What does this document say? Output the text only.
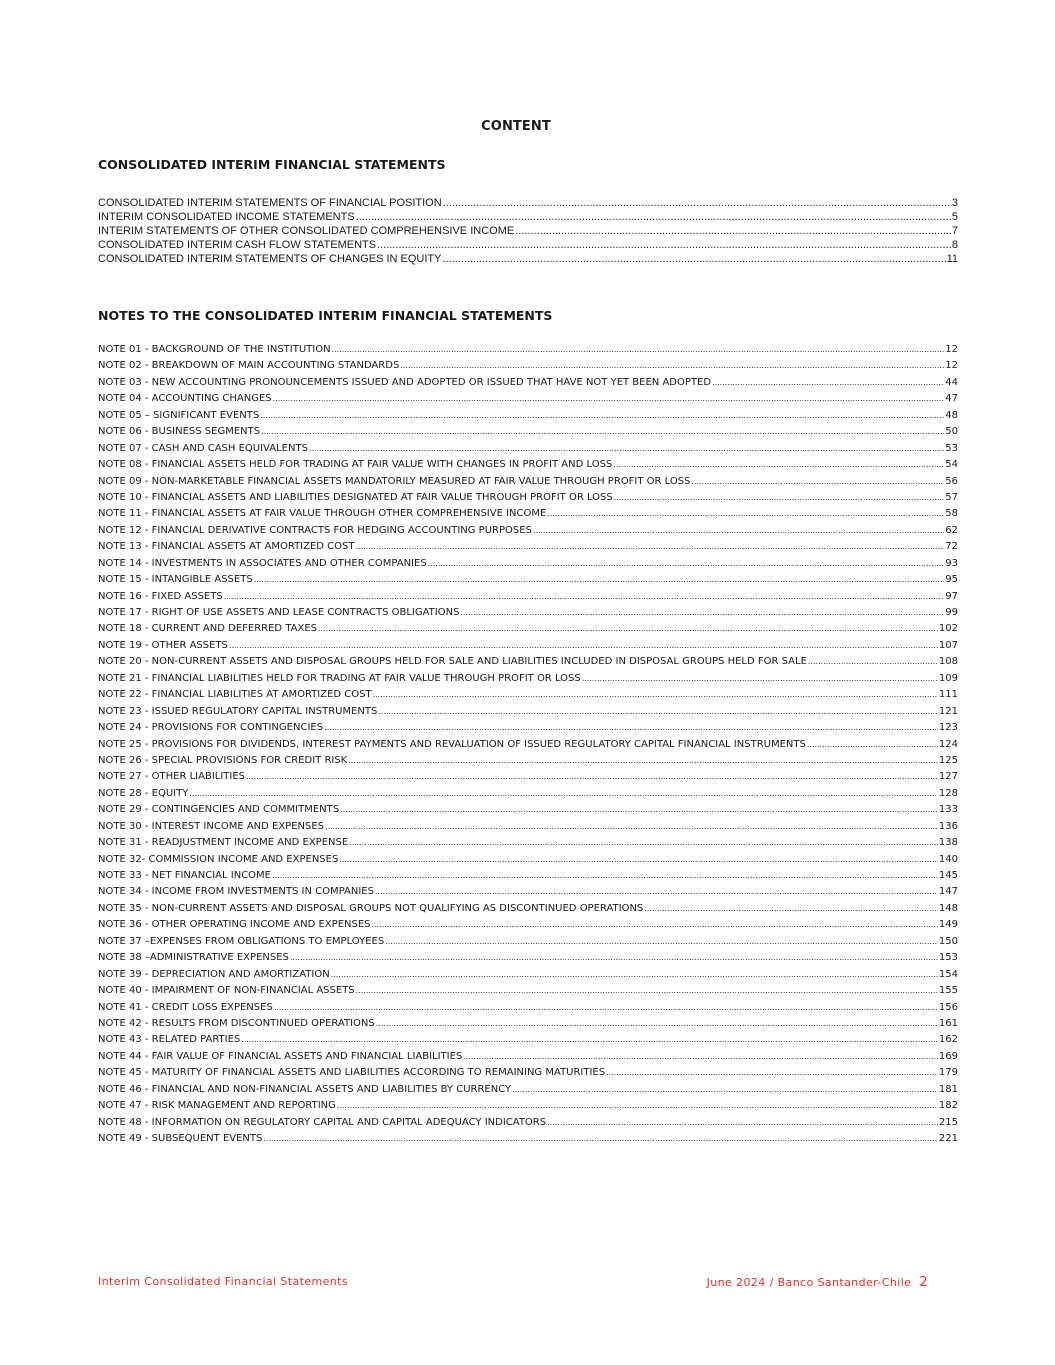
CONTENT
CONSOLIDATED INTERIM FINANCIAL STATEMENTS
CONSOLIDATED INTERIM STATEMENTS OF FINANCIAL POSITION .....	3
INTERIM CONSOLIDATED INCOME STATEMENTS .....	5
INTERIM STATEMENTS OF OTHER CONSOLIDATED COMPREHENSIVE INCOME .....	7
CONSOLIDATED INTERIM CASH FLOW STATEMENTS .....	8
CONSOLIDATED INTERIM STATEMENTS OF CHANGES IN EQUITY .....	11
NOTES TO THE CONSOLIDATED INTERIM FINANCIAL STATEMENTS
NOTE 01 - BACKGROUND OF THE INSTITUTION .....	12
NOTE 02 - BREAKDOWN OF MAIN ACCOUNTING STANDARDS .....	12
NOTE 03 - NEW ACCOUNTING PRONOUNCEMENTS ISSUED AND ADOPTED OR ISSUED THAT HAVE NOT YET BEEN ADOPTED .....	44
NOTE 04 - ACCOUNTING CHANGES .....	47
NOTE 05 – SIGNIFICANT EVENTS .....	48
NOTE 06 - BUSINESS SEGMENTS .....	50
NOTE 07 - CASH AND CASH EQUIVALENTS .....	53
NOTE 08 - FINANCIAL ASSETS HELD FOR TRADING AT FAIR VALUE WITH CHANGES IN PROFIT AND LOSS .....	54
NOTE 09 - NON-MARKETABLE FINANCIAL ASSETS MANDATORILY MEASURED AT FAIR VALUE THROUGH PROFIT OR LOSS .....	56
NOTE 10 - FINANCIAL ASSETS AND LIABILITIES DESIGNATED AT FAIR VALUE THROUGH PROFIT OR LOSS .....	57
NOTE 11 - FINANCIAL ASSETS AT FAIR VALUE THROUGH OTHER COMPREHENSIVE INCOME .....	58
NOTE 12 - FINANCIAL DERIVATIVE CONTRACTS FOR HEDGING ACCOUNTING PURPOSES .....	62
NOTE 13 - FINANCIAL ASSETS AT AMORTIZED COST .....	72
NOTE 14 - INVESTMENTS IN ASSOCIATES AND OTHER COMPANIES .....	93
NOTE 15 - INTANGIBLE ASSETS .....	95
NOTE 16 - FIXED ASSETS .....	97
NOTE 17 - RIGHT OF USE ASSETS AND LEASE CONTRACTS OBLIGATIONS .....	99
NOTE 18 - CURRENT AND DEFERRED TAXES .....	102
NOTE 19 - OTHER ASSETS .....	107
NOTE 20 - NON-CURRENT ASSETS AND DISPOSAL GROUPS HELD FOR SALE AND LIABILITIES INCLUDED IN DISPOSAL GROUPS HELD FOR SALE .....	108
NOTE 21 - FINANCIAL LIABILITIES HELD FOR TRADING AT FAIR VALUE THROUGH PROFIT OR LOSS .....	109
NOTE 22 - FINANCIAL LIABILITIES AT AMORTIZED COST .....	111
NOTE 23 - ISSUED REGULATORY CAPITAL INSTRUMENTS .....	121
NOTE 24 - PROVISIONS FOR CONTINGENCIES .....	123
NOTE 25 - PROVISIONS FOR DIVIDENDS, INTEREST PAYMENTS AND REVALUATION OF ISSUED REGULATORY CAPITAL FINANCIAL INSTRUMENTS .....	124
NOTE 26 - SPECIAL PROVISIONS FOR CREDIT RISK .....	125
NOTE 27 - OTHER LIABILITIES .....	127
NOTE 28 - EQUITY .....	128
NOTE 29 - CONTINGENCIES AND COMMITMENTS .....	133
NOTE 30 - INTEREST INCOME AND EXPENSES .....	136
NOTE 31 - READJUSTMENT INCOME AND EXPENSE .....	138
NOTE 32- COMMISSION INCOME AND EXPENSES .....	140
NOTE 33 - NET FINANCIAL INCOME .....	145
NOTE 34 - INCOME FROM INVESTMENTS IN COMPANIES .....	147
NOTE 35 - NON-CURRENT ASSETS AND DISPOSAL GROUPS NOT QUALIFYING AS DISCONTINUED OPERATIONS .....	148
NOTE 36 - OTHER OPERATING INCOME AND EXPENSES .....	149
NOTE 37 –EXPENSES FROM OBLIGATIONS TO EMPLOYEES .....	150
NOTE 38 –ADMINISTRATIVE EXPENSES .....	153
NOTE 39 - DEPRECIATION AND AMORTIZATION .....	154
NOTE 40 - IMPAIRMENT OF NON-FINANCIAL ASSETS .....	155
NOTE 41 - CREDIT LOSS EXPENSES .....	156
NOTE 42 - RESULTS FROM DISCONTINUED OPERATIONS .....	161
NOTE 43 - RELATED PARTIES .....	162
NOTE 44 - FAIR VALUE OF FINANCIAL ASSETS AND FINANCIAL LIABILITIES .....	169
NOTE 45 - MATURITY OF FINANCIAL ASSETS AND LIABILITIES ACCORDING TO REMAINING MATURITIES .....	179
NOTE 46 - FINANCIAL AND NON-FINANCIAL ASSETS AND LIABILITIES BY CURRENCY .....	181
NOTE 47 - RISK MANAGEMENT AND REPORTING .....	182
NOTE 48 - INFORMATION ON REGULATORY CAPITAL AND CAPITAL ADEQUACY INDICATORS .....	215
NOTE 49 - SUBSEQUENT EVENTS .....	221
Interim Consolidated Financial Statements	June 2024 / Banco Santander-Chile 2
